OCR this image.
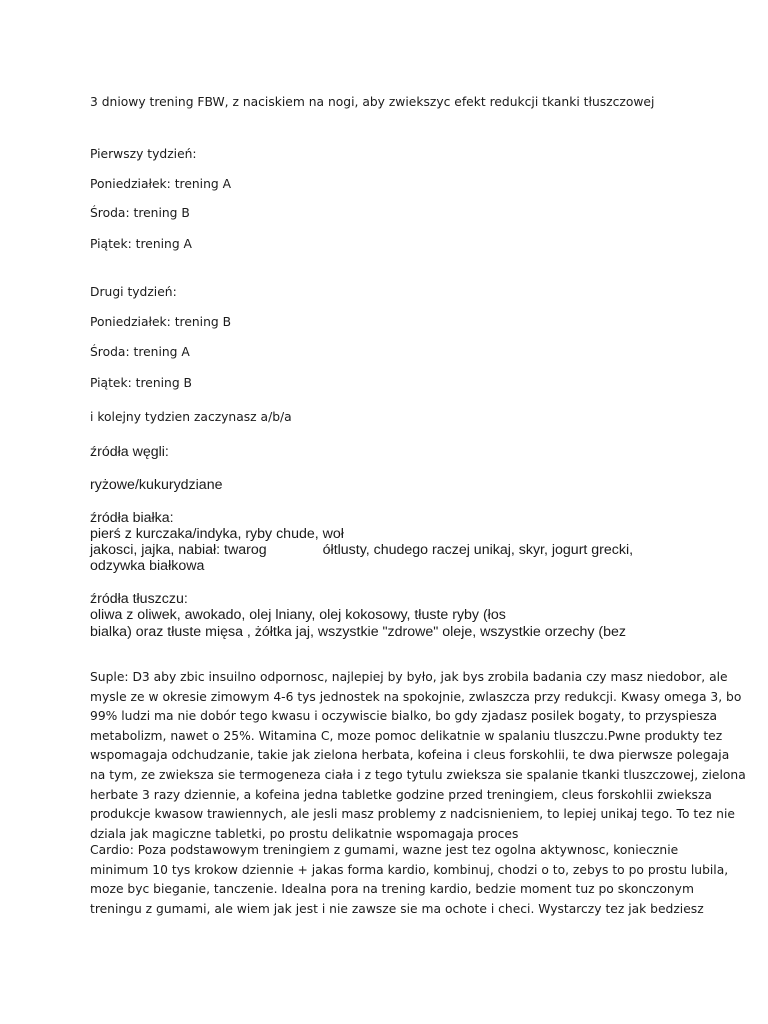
3 dniowy trening FBW, z naciskiem na nogi, aby zwiekszyc efekt redukcji tkanki tłuszczowej
Pierwszy tydzień:
Poniedziałek: trening A
Środa: trening B
Piątek: trening A
Drugi tydzień:
Poniedziałek: trening B
Środa: trening A
Piątek: trening B
i kolejny tydzien zaczynasz a/b/a
źródła węgli:
ryżowe/kukurydziane
źródła białka:
pierś z kurczaka/indyka, ryby chude, woł
jakosci, jajka, nabiał: twarog	ółtlusty, chudego raczej unikaj, skyr, jogurt grecki,
odzywka białkowa
źródła tłuszczu:
oliwa z oliwek, awokado, olej lniany, olej kokosowy, tłuste ryby (łos
bialka) oraz tłuste mięsa , żółtka jaj, wszystkie "zdrowe" oleje, wszystkie orzechy (bez
Suple: D3 aby zbic insuilno odpornosc, najlepiej by było, jak bys zrobila badania czy masz niedobor, ale
mysle ze w okresie zimowym 4-6 tys jednostek na spokojnie, zwlaszcza przy redukcji. Kwasy omega 3, bo
99% ludzi ma nie dobór tego kwasu i oczywiscie bialko, bo gdy zjadasz posilek bogaty, to przyspiesza
metabolizm, nawet o 25%. Witamina C, moze pomoc delikatnie w spalaniu tluszczu.Pwne produkty tez
wspomagaja odchudzanie, takie jak zielona herbata, kofeina i cleus forskohlii, te dwa pierwsze polegaja
na tym, ze zwieksza sie termogeneza ciała i z tego tytulu zwieksza sie spalanie tkanki tluszczowej, zielona
herbate 3 razy dziennie, a kofeina jedna tabletke godzine przed treningiem, cleus forskohlii zwieksza
produkcje kwasow trawiennych, ale jesli masz problemy z nadcisnieniem, to lepiej unikaj tego. To tez nie
dziala jak magiczne tabletki, po prostu delikatnie wspomagaja proces
Cardio: Poza podstawowym treningiem z gumami, wazne jest tez ogolna aktywnosc, koniecznie
minimum 10 tys krokow dziennie + jakas forma kardio, kombinuj, chodzi o to, zebys to po prostu lubila,
moze byc bieganie, tanczenie. Idealna pora na trening kardio, bedzie moment tuz po skonczonym
treningu z gumami, ale wiem jak jest i nie zawsze sie ma ochote i checi. Wystarczy tez jak bedziesz
